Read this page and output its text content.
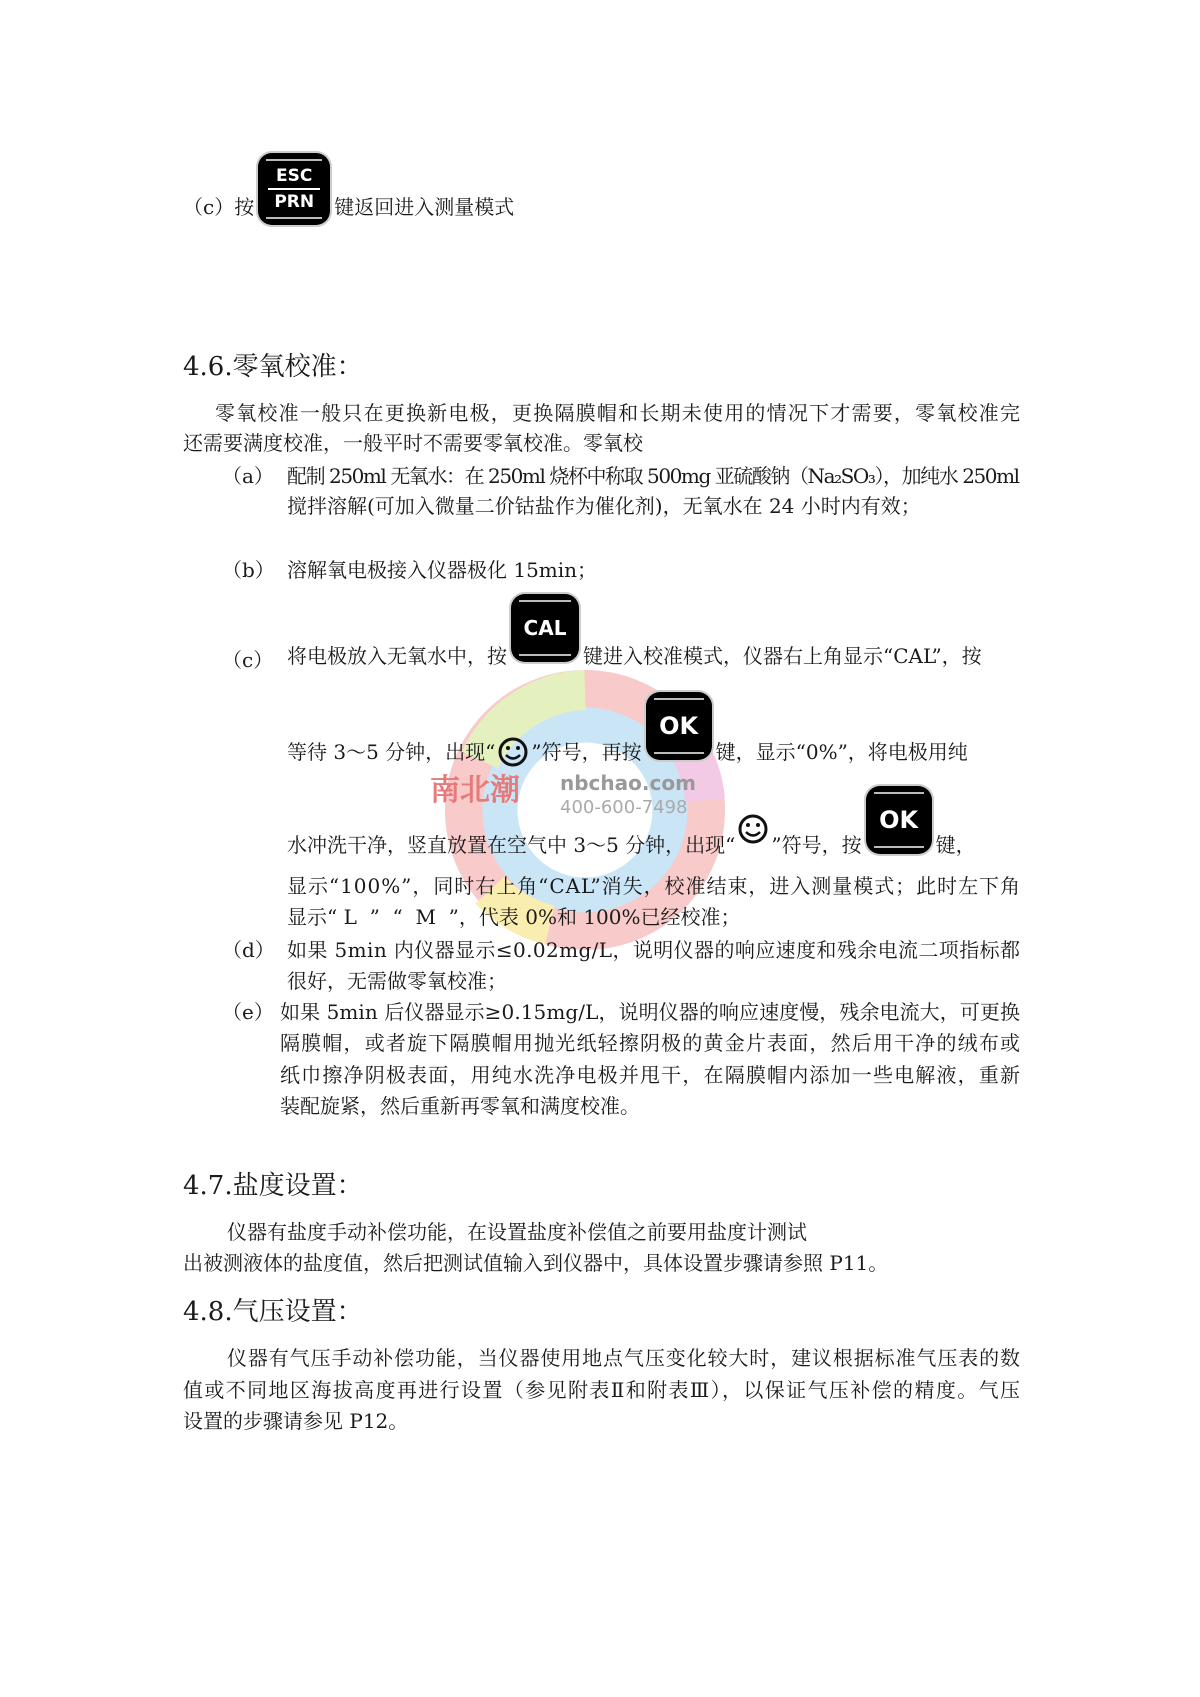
南北潮 nbchao.com
400-600-7498
（c）按
ESC
PRN 键返回进入测量模式
4.6.零氧校准：
零氧校准一般只在更换新电极，更换隔膜帽和长期未使用的情况下才需要，零氧校准完
还需要满度校准，一般平时不需要零氧校准。零氧校
（a） 配制 250ml 无氧水：在 250ml 烧杯中称取 500mg 亚硫酸钠（Na₂SO₃），加纯水 250ml
搅拌溶解(可加入微量二价钴盐作为催化剂)，无氧水在 24 小时内有效；
（b） 溶解氧电极接入仪器极化 15min；
（c） 将电极放入无氧水中，按
CAL
键进入校准模式，仪器右上角显示“CAL”，按
等待 3～5 分钟，出现“ ”符号，再按
OK
键，显示“0%”，将电极用纯
水冲洗干净，竖直放置在空气中 3～5 分钟，出现“ ”符号，按
OK
键，
显示“100%”，同时右上角“CAL”消失，校准结束，进入测量模式；此时左下角
显示“ L  ”  “  M  ”，代表 0%和 100%已经校准；
（d） 如果 5min 内仪器显示≤0.02mg/L，说明仪器的响应速度和残余电流二项指标都
很好，无需做零氧校准；
（e） 如果 5min 后仪器显示≥0.15mg/L，说明仪器的响应速度慢，残余电流大，可更换
隔膜帽，或者旋下隔膜帽用抛光纸轻擦阴极的黄金片表面，然后用干净的绒布或
纸巾擦净阴极表面，用纯水洗净电极并甩干，在隔膜帽内添加一些电解液，重新
装配旋紧，然后重新再零氧和满度校准。
4.7.盐度设置：
仪器有盐度手动补偿功能，在设置盐度补偿值之前要用盐度计测试
出被测液体的盐度值，然后把测试值输入到仪器中，具体设置步骤请参照 P11。
4.8.气压设置：
仪器有气压手动补偿功能，当仪器使用地点气压变化较大时，建议根据标准气压表的数
值或不同地区海拔高度再进行设置（参见附表Ⅱ和附表Ⅲ），以保证气压补偿的精度。气压
设置的步骤请参见 P12。
